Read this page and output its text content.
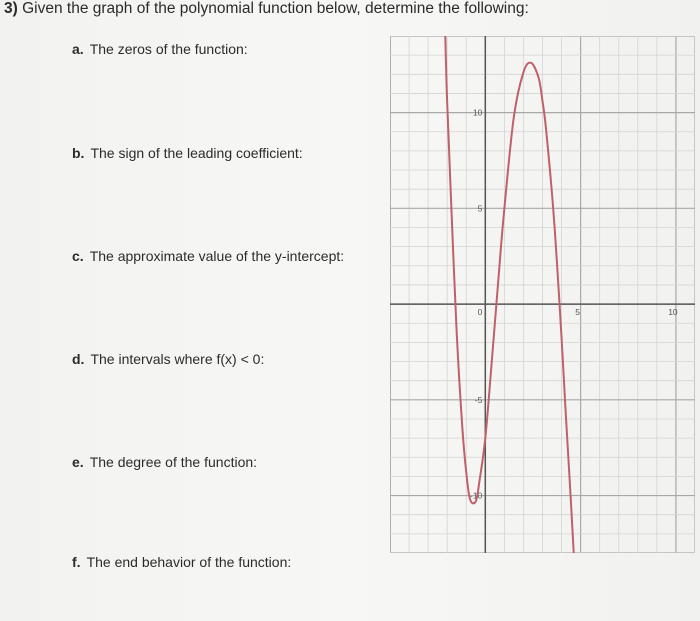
3) Given the graph of the polynomial function below, determine the following:
a. The zeros of the function:
b. The sign of the leading coefficient:
c. The approximate value of the y-intercept:
d. The intervals where f(x) < 0:
e. The degree of the function:
f. The end behavior of the function:
0	5	10
10
5
-5
-10
